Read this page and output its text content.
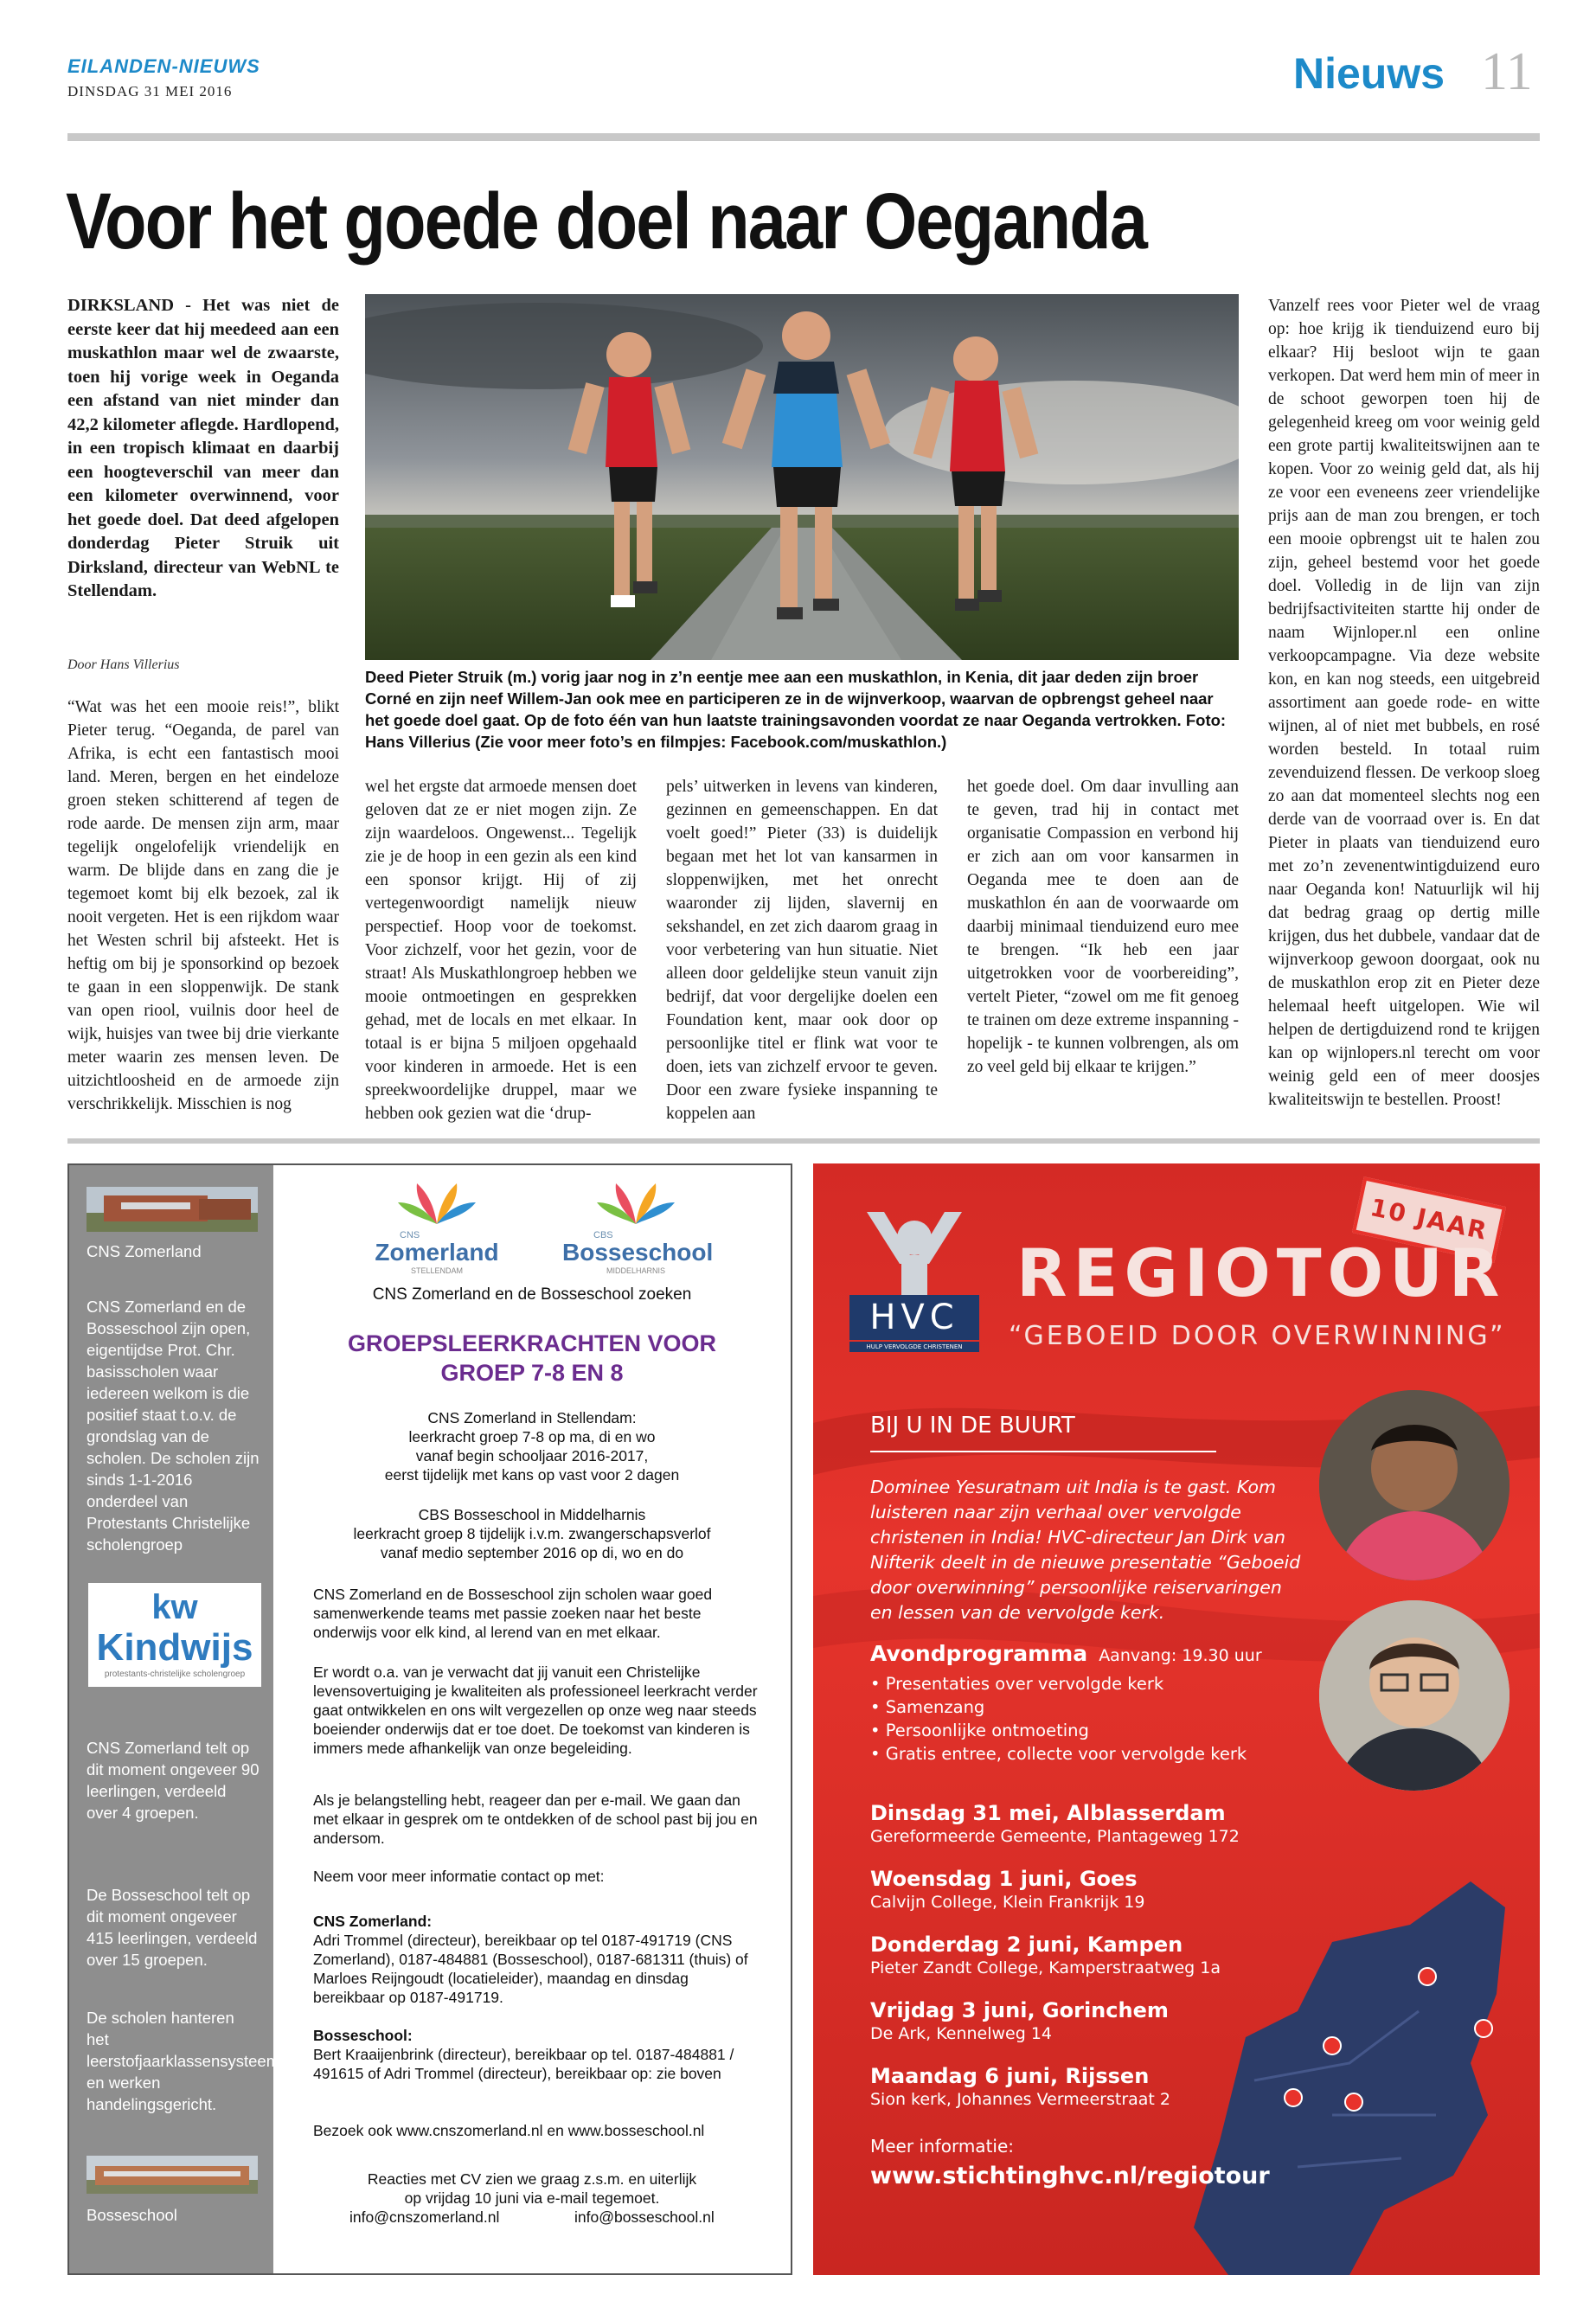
EILANDEN-NIEUWS
DINSDAG 31 MEI 2016	Nieuws 11
Voor het goede doel naar Oeganda
DIRKSLAND - Het was niet de eerste keer dat hij meedeed aan een muskathlon maar wel de zwaarste, toen hij vorige week in Oeganda een afstand van niet minder dan 42,2 kilometer aflegde. Hardlopend, in een tropisch klimaat en daarbij een hoogteverschil van meer dan een kilometer overwinnend, voor het goede doel. Dat deed afgelopen donderdag Pieter Struik uit Dirksland, directeur van WebNL te Stellendam.
Door Hans Villerius
“Wat was het een mooie reis!”, blikt Pieter terug. “Oeganda, de parel van Afrika, is echt een fantastisch mooi land. Meren, bergen en het eindeloze groen steken schitterend af tegen de rode aarde. De mensen zijn arm, maar tegelijk ongelofelijk vriendelijk en warm. De blijde dans en zang die je tegemoet komt bij elk bezoek, zal ik nooit vergeten. Het is een rijkdom waar het Westen schril bij afsteekt. Het is heftig om bij je sponsorkind op bezoek te gaan in een sloppenwijk. De stank van open riool, vuilnis door heel de wijk, huisjes van twee bij drie vierkante meter waarin zes mensen leven. De uitzichtloosheid en de armoede zijn verschrikkelijk. Misschien is nog
Deed Pieter Struik (m.) vorig jaar nog in z’n eentje mee aan een muskathlon, in Kenia, dit jaar deden zijn broer Corné en zijn neef Willem-Jan ook mee en participeren ze in de wijnverkoop, waarvan de opbrengst geheel naar het goede doel gaat. Op de foto één van hun laatste trainingsavonden voordat ze naar Oeganda vertrokken. Foto: Hans Villerius (Zie voor meer foto’s en filmpjes: Facebook.com/muskathlon.)
wel het ergste dat armoede mensen doet geloven dat ze er niet mogen zijn. Ze zijn waardeloos. Ongewenst... Tegelijk zie je de hoop in een gezin als een kind een sponsor krijgt. Hij of zij vertegenwoordigt namelijk nieuw perspectief. Hoop voor de toekomst. Voor zichzelf, voor het gezin, voor de straat! Als Muskathlongroep hebben we mooie ontmoetingen en gesprekken gehad, met de locals en met elkaar. In totaal is er bijna 5 miljoen opgehaald voor kinderen in armoede. Het is een spreekwoordelijke druppel, maar we hebben ook gezien wat die ‘drup-
pels’ uitwerken in levens van kinderen, gezinnen en gemeenschappen. En dat voelt goed!” Pieter (33) is duidelijk begaan met het lot van kansarmen in sloppenwijken, met het onrecht waaronder zij lijden, slavernij en sekshandel, en zet zich daarom graag in voor verbetering van hun situatie. Niet alleen door geldelijke steun vanuit zijn bedrijf, dat voor dergelijke doelen een Foundation kent, maar ook door op persoonlijke titel er flink wat voor te doen, iets van zichzelf ervoor te geven. Door een zware fysieke inspanning te koppelen aan
het goede doel. Om daar invulling aan te geven, trad hij in contact met organisatie Compassion en verbond hij er zich aan om voor kansarmen in Oeganda mee te doen aan de muskathlon én aan de voorwaarde om daarbij minimaal tienduizend euro mee te brengen. “Ik heb een jaar uitgetrokken voor de voorbereiding”, vertelt Pieter, “zowel om me fit genoeg te trainen om deze extreme inspanning - hopelijk - te kunnen volbrengen, als om zo veel geld bij elkaar te krijgen.”
Vanzelf rees voor Pieter wel de vraag op: hoe krijg ik tienduizend euro bij elkaar? Hij besloot wijn te gaan verkopen. Dat werd hem min of meer in de schoot geworpen toen hij de gelegenheid kreeg om voor weinig geld een grote partij kwaliteitswijnen aan te kopen. Voor zo weinig geld dat, als hij ze voor een eveneens zeer vriendelijke prijs aan de man zou brengen, er toch een mooie opbrengst uit te halen zou zijn, geheel bestemd voor het goede doel. Volledig in de lijn van zijn bedrijfsactiviteiten startte hij onder de naam Wijnloper.nl een online verkoopcampagne. Via deze website kon, en kan nog steeds, een uitgebreid assortiment aan goede rode- en witte wijnen, al of niet met bubbels, en rosé worden besteld. In totaal ruim zevenduizend flessen. De verkoop sloeg zo aan dat momenteel slechts nog een derde van de voorraad over is. En dat Pieter in plaats van tienduizend euro met zo’n zevenentwintigduizend euro naar Oeganda kon! Natuurlijk wil hij dat bedrag graag op dertig mille krijgen, dus het dubbele, vandaar dat de wijnverkoop gewoon doorgaat, ook nu de muskathlon erop zit en Pieter deze helemaal heeft uitgelopen. Wie wil helpen de dertigduizend rond te krijgen kan op wijnlopers.nl terecht om voor weinig geld een of meer doosjes kwaliteitswijn te bestellen. Proost!
CNS Zomerland
CNS Zomerland en de Bosseschool zijn open, eigentijdse Prot. Chr. basisscholen waar iedereen welkom is die positief staat t.o.v. de grondslag van de scholen. De scholen zijn sinds 1-1-2016 onderdeel van Protestants Christelijke scholengroep
kw
Kindwijs
protestants-christelijke scholengroep
CNS Zomerland telt op dit moment ongeveer 90 leerlingen, verdeeld over 4 groepen.
De Bosseschool telt op dit moment ongeveer 415 leerlingen, verdeeld over 15 groepen.
De scholen hanteren het leerstofjaarklassensysteem en werken handelingsgericht.
Bosseschool
CNS
Zomerland
STELLENDAM
CBS
Bosseschool
MIDDELHARNIS
CNS Zomerland en de Bosseschool zoeken
GROEPSLEERKRACHTEN VOOR
GROEP 7-8 EN 8
CNS Zomerland in Stellendam:
leerkracht groep 7-8 op ma, di en wo
vanaf begin schooljaar 2016-2017,
eerst tijdelijk met kans op vast voor 2 dagen
CBS Bosseschool in Middelharnis
leerkracht groep 8 tijdelijk i.v.m. zwangerschapsverlof
vanaf medio september 2016 op di, wo en do
CNS Zomerland en de Bosseschool zijn scholen waar goed samenwerkende teams met passie zoeken naar het beste onderwijs voor elk kind, al lerend van en met elkaar.
Er wordt o.a. van je verwacht dat jij vanuit een Christelijke levensovertuiging je kwaliteiten als professioneel leerkracht verder gaat ontwikkelen en ons wilt vergezellen op onze weg naar steeds boeiender onderwijs dat er toe doet. De toekomst van kinderen is immers mede afhankelijk van onze begeleiding.
Als je belangstelling hebt, reageer dan per e-mail. We gaan dan met elkaar in gesprek om te ontdekken of de school past bij jou en andersom.
Neem voor meer informatie contact op met:
CNS Zomerland:
Adri Trommel (directeur), bereikbaar op tel 0187-491719 (CNS Zomerland), 0187-484881 (Bosseschool), 0187-681311 (thuis) of Marloes Reijngoudt (locatieleider), maandag en dinsdag bereikbaar op 0187-491719.
Bosseschool:
Bert Kraaijenbrink (directeur), bereikbaar op tel. 0187-484881 / 491615 of Adri Trommel (directeur), bereikbaar op: zie boven
Bezoek ook www.cnszomerland.nl en www.bosseschool.nl
Reacties met CV zien we graag z.s.m. en uiterlijk
op vrijdag 10 juni via e-mail tegemoet.
info@cnszomerland.nl	info@bosseschool.nl
HVC
HULP VERVOLGDE CHRISTENEN
10 JAAR
REGIOTOUR
“GEBOEID DOOR OVERWINNING”
BIJ U IN DE BUURT
Dominee Yesuratnam uit India is te gast. Kom luisteren naar zijn verhaal over vervolgde christenen in India! HVC-directeur Jan Dirk van Nifterik deelt in de nieuwe presentatie “Geboeid door overwinning” persoonlijke reiservaringen en lessen van de vervolgde kerk.
Avondprogramma Aanvang: 19.30 uur
• Presentaties over vervolgde kerk
• Samenzang
• Persoonlijke ontmoeting
• Gratis entree, collecte voor vervolgde kerk
Dinsdag 31 mei, Alblasserdam
Gereformeerde Gemeente, Plantageweg 172
Woensdag 1 juni, Goes
Calvijn College, Klein Frankrijk 19
Donderdag 2 juni, Kampen
Pieter Zandt College, Kamperstraatweg 1a
Vrijdag 3 juni, Gorinchem
De Ark, Kennelweg 14
Maandag 6 juni, Rijssen
Sion kerk, Johannes Vermeerstraat 2
Meer informatie:
www.stichtinghvc.nl/regiotour
